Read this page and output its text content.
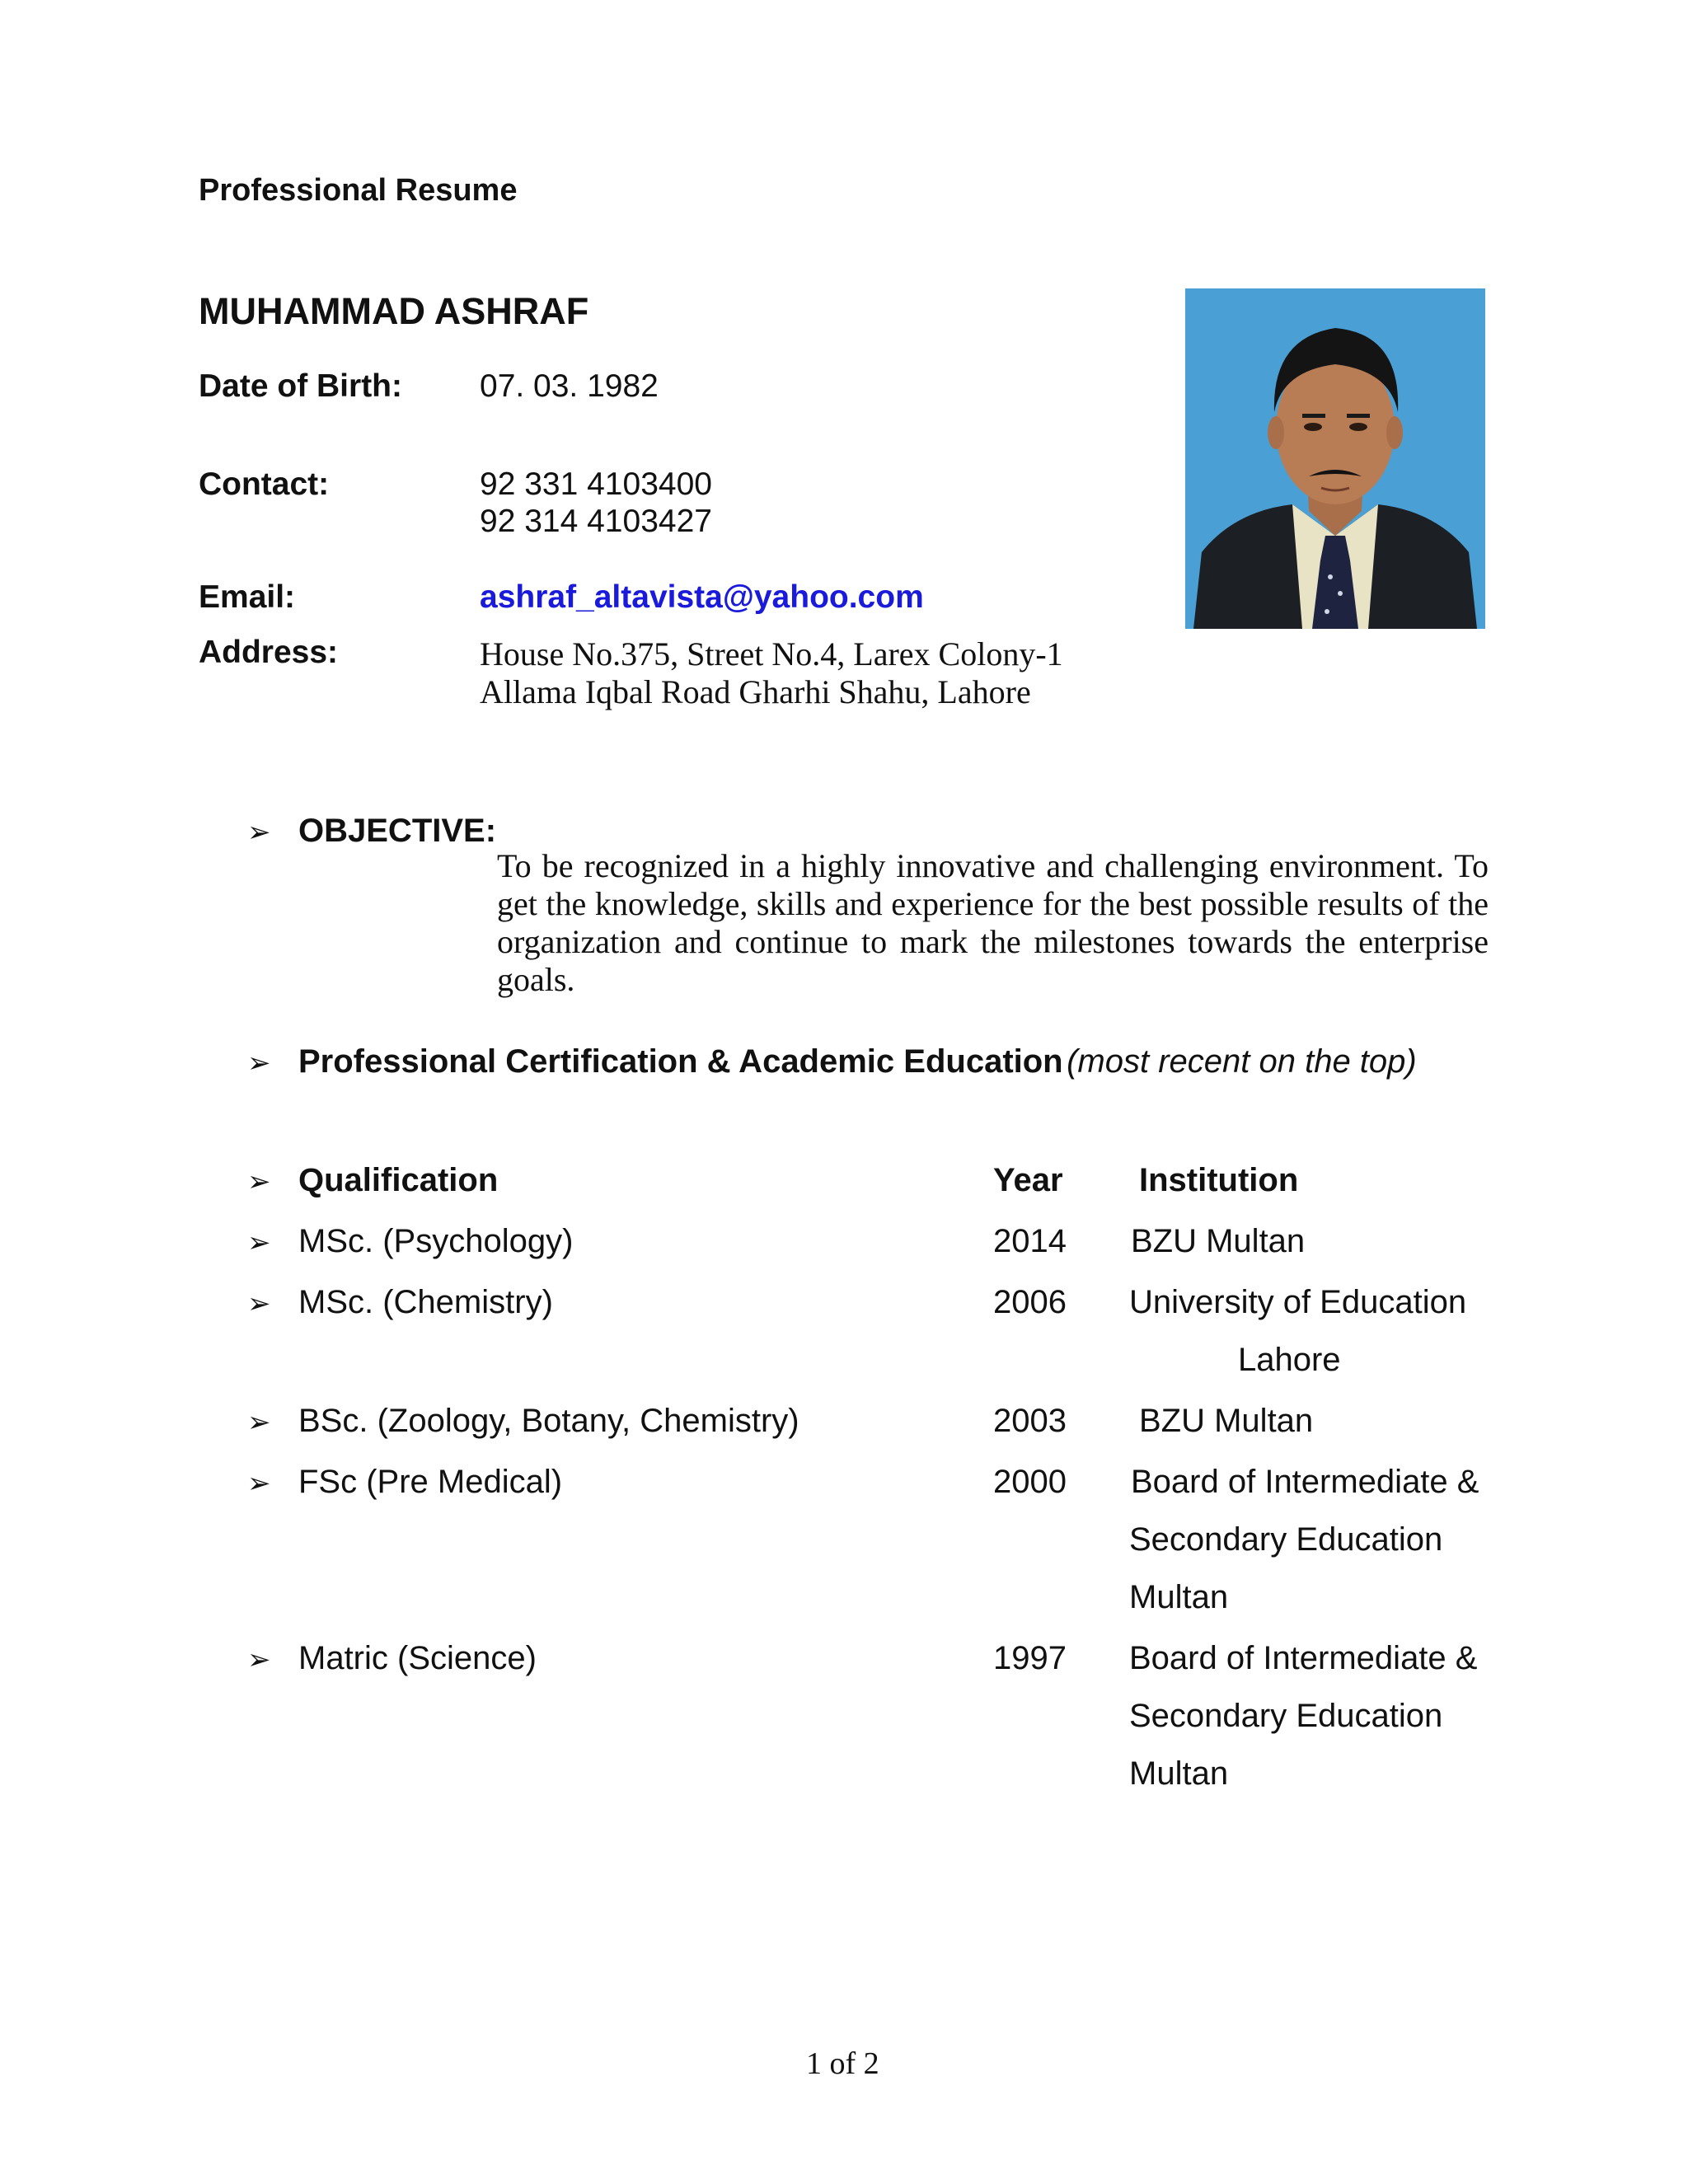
Professional Resume
MUHAMMAD ASHRAF
Date of Birth: 07. 03. 1982
Contact:	92 331 4103400
92 314 4103427
Email:	ashraf_altavista@yahoo.com
Address:	House No.375, Street No.4, Larex Colony-1
Allama Iqbal Road Gharhi Shahu, Lahore
➢ OBJECTIVE:
To be recognized in a highly innovative and challenging environment. To get the knowledge, skills and experience for the best possible results of the organization and continue to mark the milestones towards the enterprise goals.
➢ Professional Certification & Academic Education (most recent on the top)
➢ Qualification	Year Institution
➢ MSc. (Psychology)	2014 BZU Multan
➢ MSc. (Chemistry)	2006 University of Education
Lahore
➢ BSc. (Zoology, Botany, Chemistry)	2003 BZU Multan
➢ FSc (Pre Medical)	2000 Board of Intermediate &
Secondary Education
Multan
➢ Matric (Science)	1997 Board of Intermediate &
Secondary Education
Multan
1 of 2
